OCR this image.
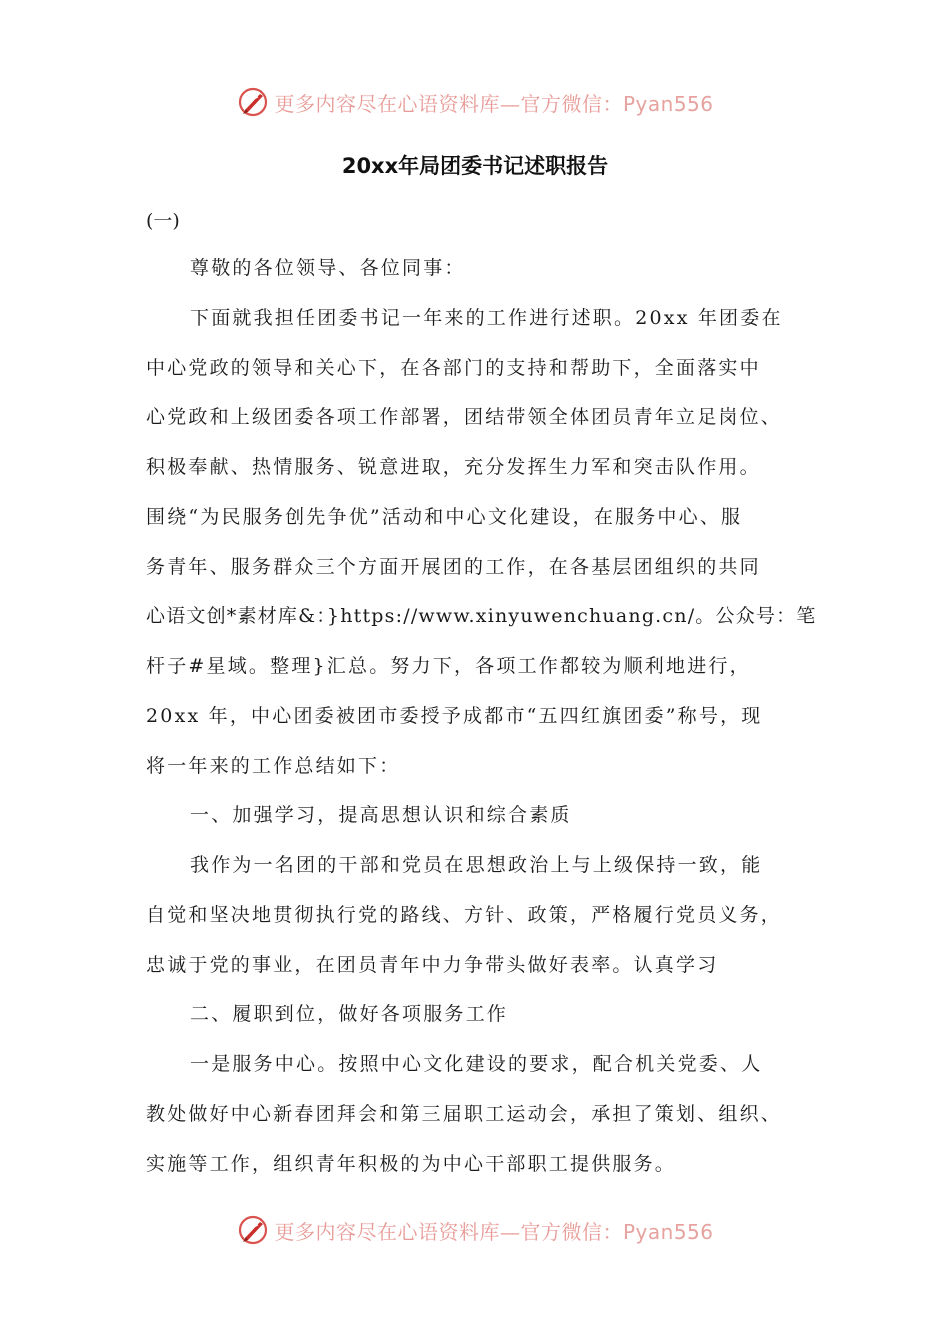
更多内容尽在心语资料库—官方微信：Pyan556
20xx年局团委书记述职报告
(一)
尊敬的各位领导、各位同事：
下面就我担任团委书记一年来的工作进行述职。20xx 年团委在
中心党政的领导和关心下，在各部门的支持和帮助下，全面落实中
心党政和上级团委各项工作部署，团结带领全体团员青年立足岗位、
积极奉献、热情服务、锐意进取，充分发挥生力军和突击队作用。
围绕“为民服务创先争优”活动和中心文化建设，在服务中心、服
务青年、服务群众三个方面开展团的工作，在各基层团组织的共同
心语文创*素材库&：}https://www.xinyuwenchuang.cn/。公众号：笔
杆子#星域。整理}汇总。努力下，各项工作都较为顺利地进行，
20xx 年，中心团委被团市委授予成都市“五四红旗团委”称号，现
将一年来的工作总结如下：
一、加强学习，提高思想认识和综合素质
我作为一名团的干部和党员在思想政治上与上级保持一致，能
自觉和坚决地贯彻执行党的路线、方针、政策，严格履行党员义务，
忠诚于党的事业，在团员青年中力争带头做好表率。认真学习
二、履职到位，做好各项服务工作
一是服务中心。按照中心文化建设的要求，配合机关党委、人
教处做好中心新春团拜会和第三届职工运动会，承担了策划、组织、
实施等工作，组织青年积极的为中心干部职工提供服务。
更多内容尽在心语资料库—官方微信：Pyan556
